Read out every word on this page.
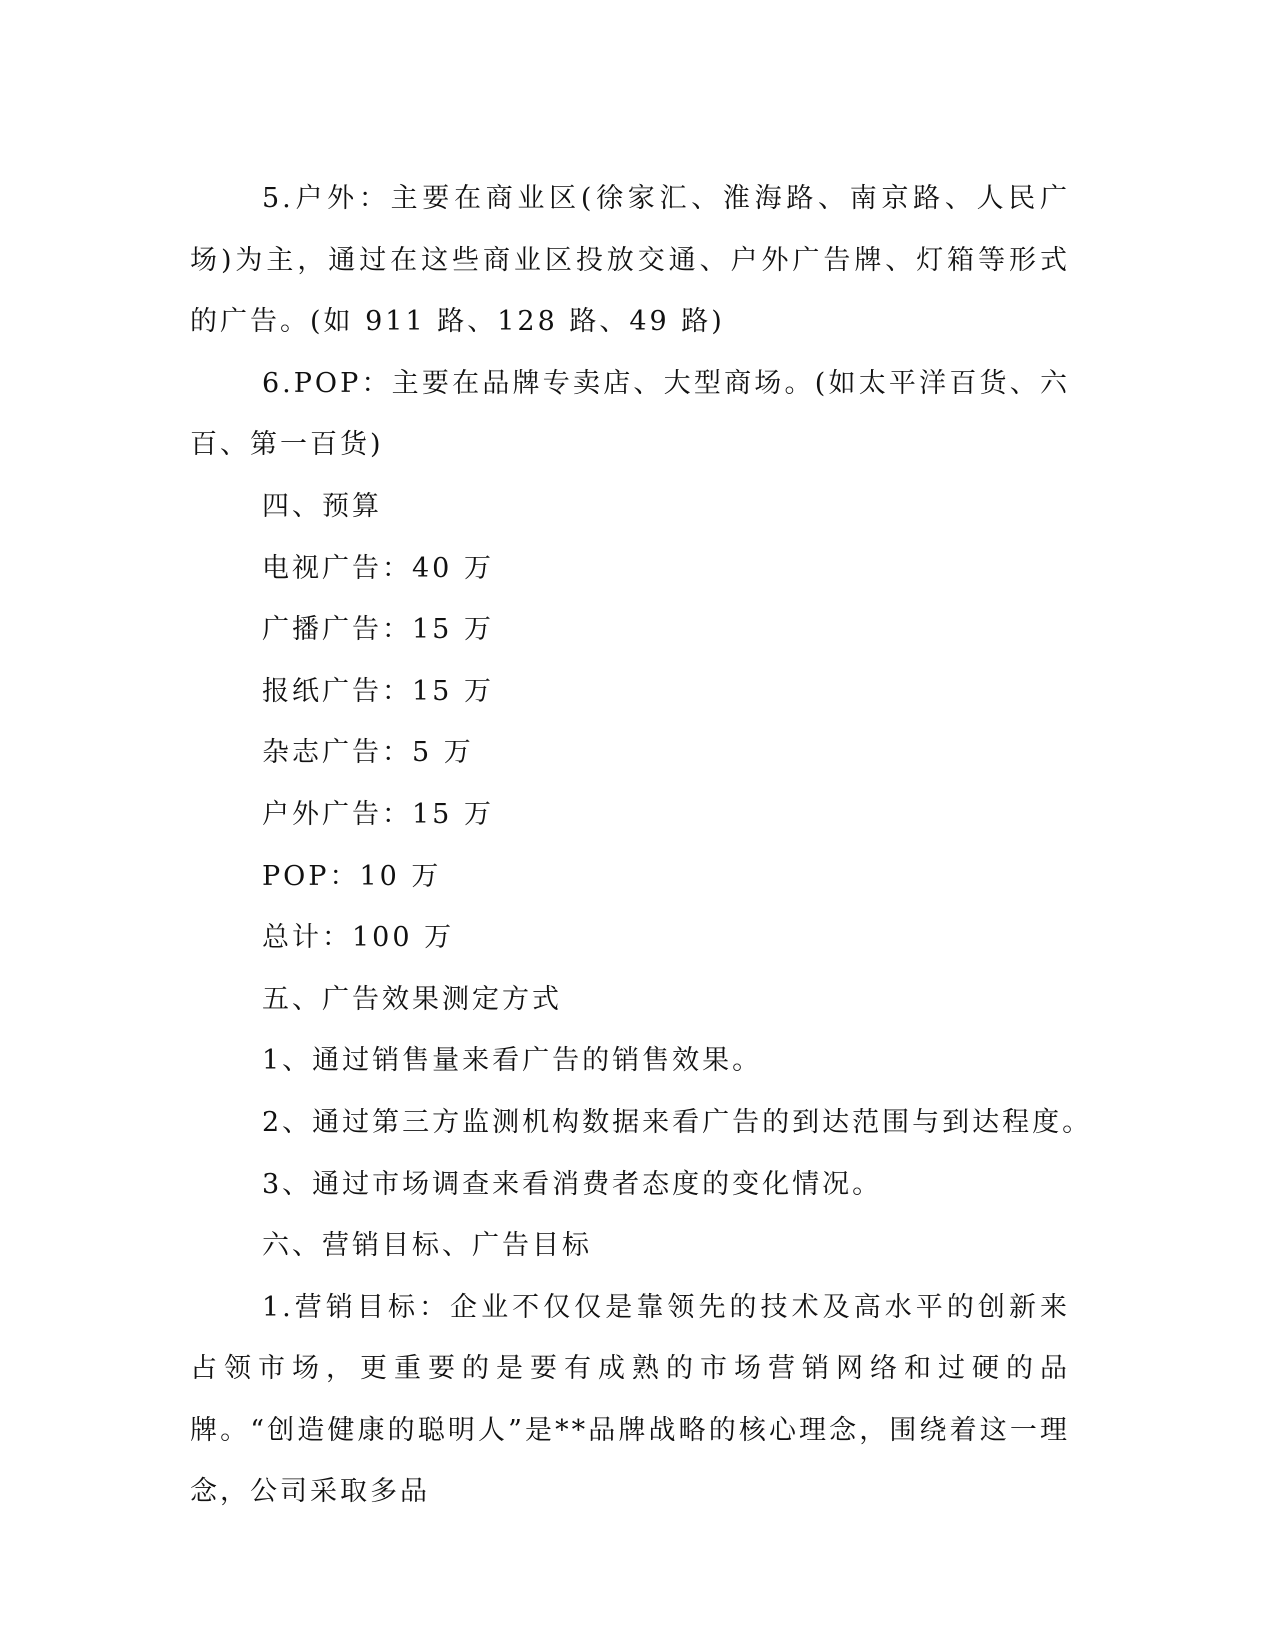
5.户外：主要在商业区(徐家汇、淮海路、南京路、人民广场)为主，通过在这些商业区投放交通、户外广告牌、灯箱等形式的广告。(如 911 路、128 路、49 路)

6.POP：主要在品牌专卖店、大型商场。(如太平洋百货、六百、第一百货)

四、预算

电视广告：40 万

广播广告：15 万

报纸广告：15 万

杂志广告：5 万

户外广告：15 万

POP：10 万

总计：100 万

五、广告效果测定方式

1、通过销售量来看广告的销售效果。

2、通过第三方监测机构数据来看广告的到达范围与到达程度。

3、通过市场调查来看消费者态度的变化情况。

六、营销目标、广告目标

1.营销目标：企业不仅仅是靠领先的技术及高水平的创新来占领市场，更重要的是要有成熟的市场营销网络和过硬的品牌。“创造健康的聪明人”是**品牌战略的核心理念，围绕着这一理念，公司采取多品
